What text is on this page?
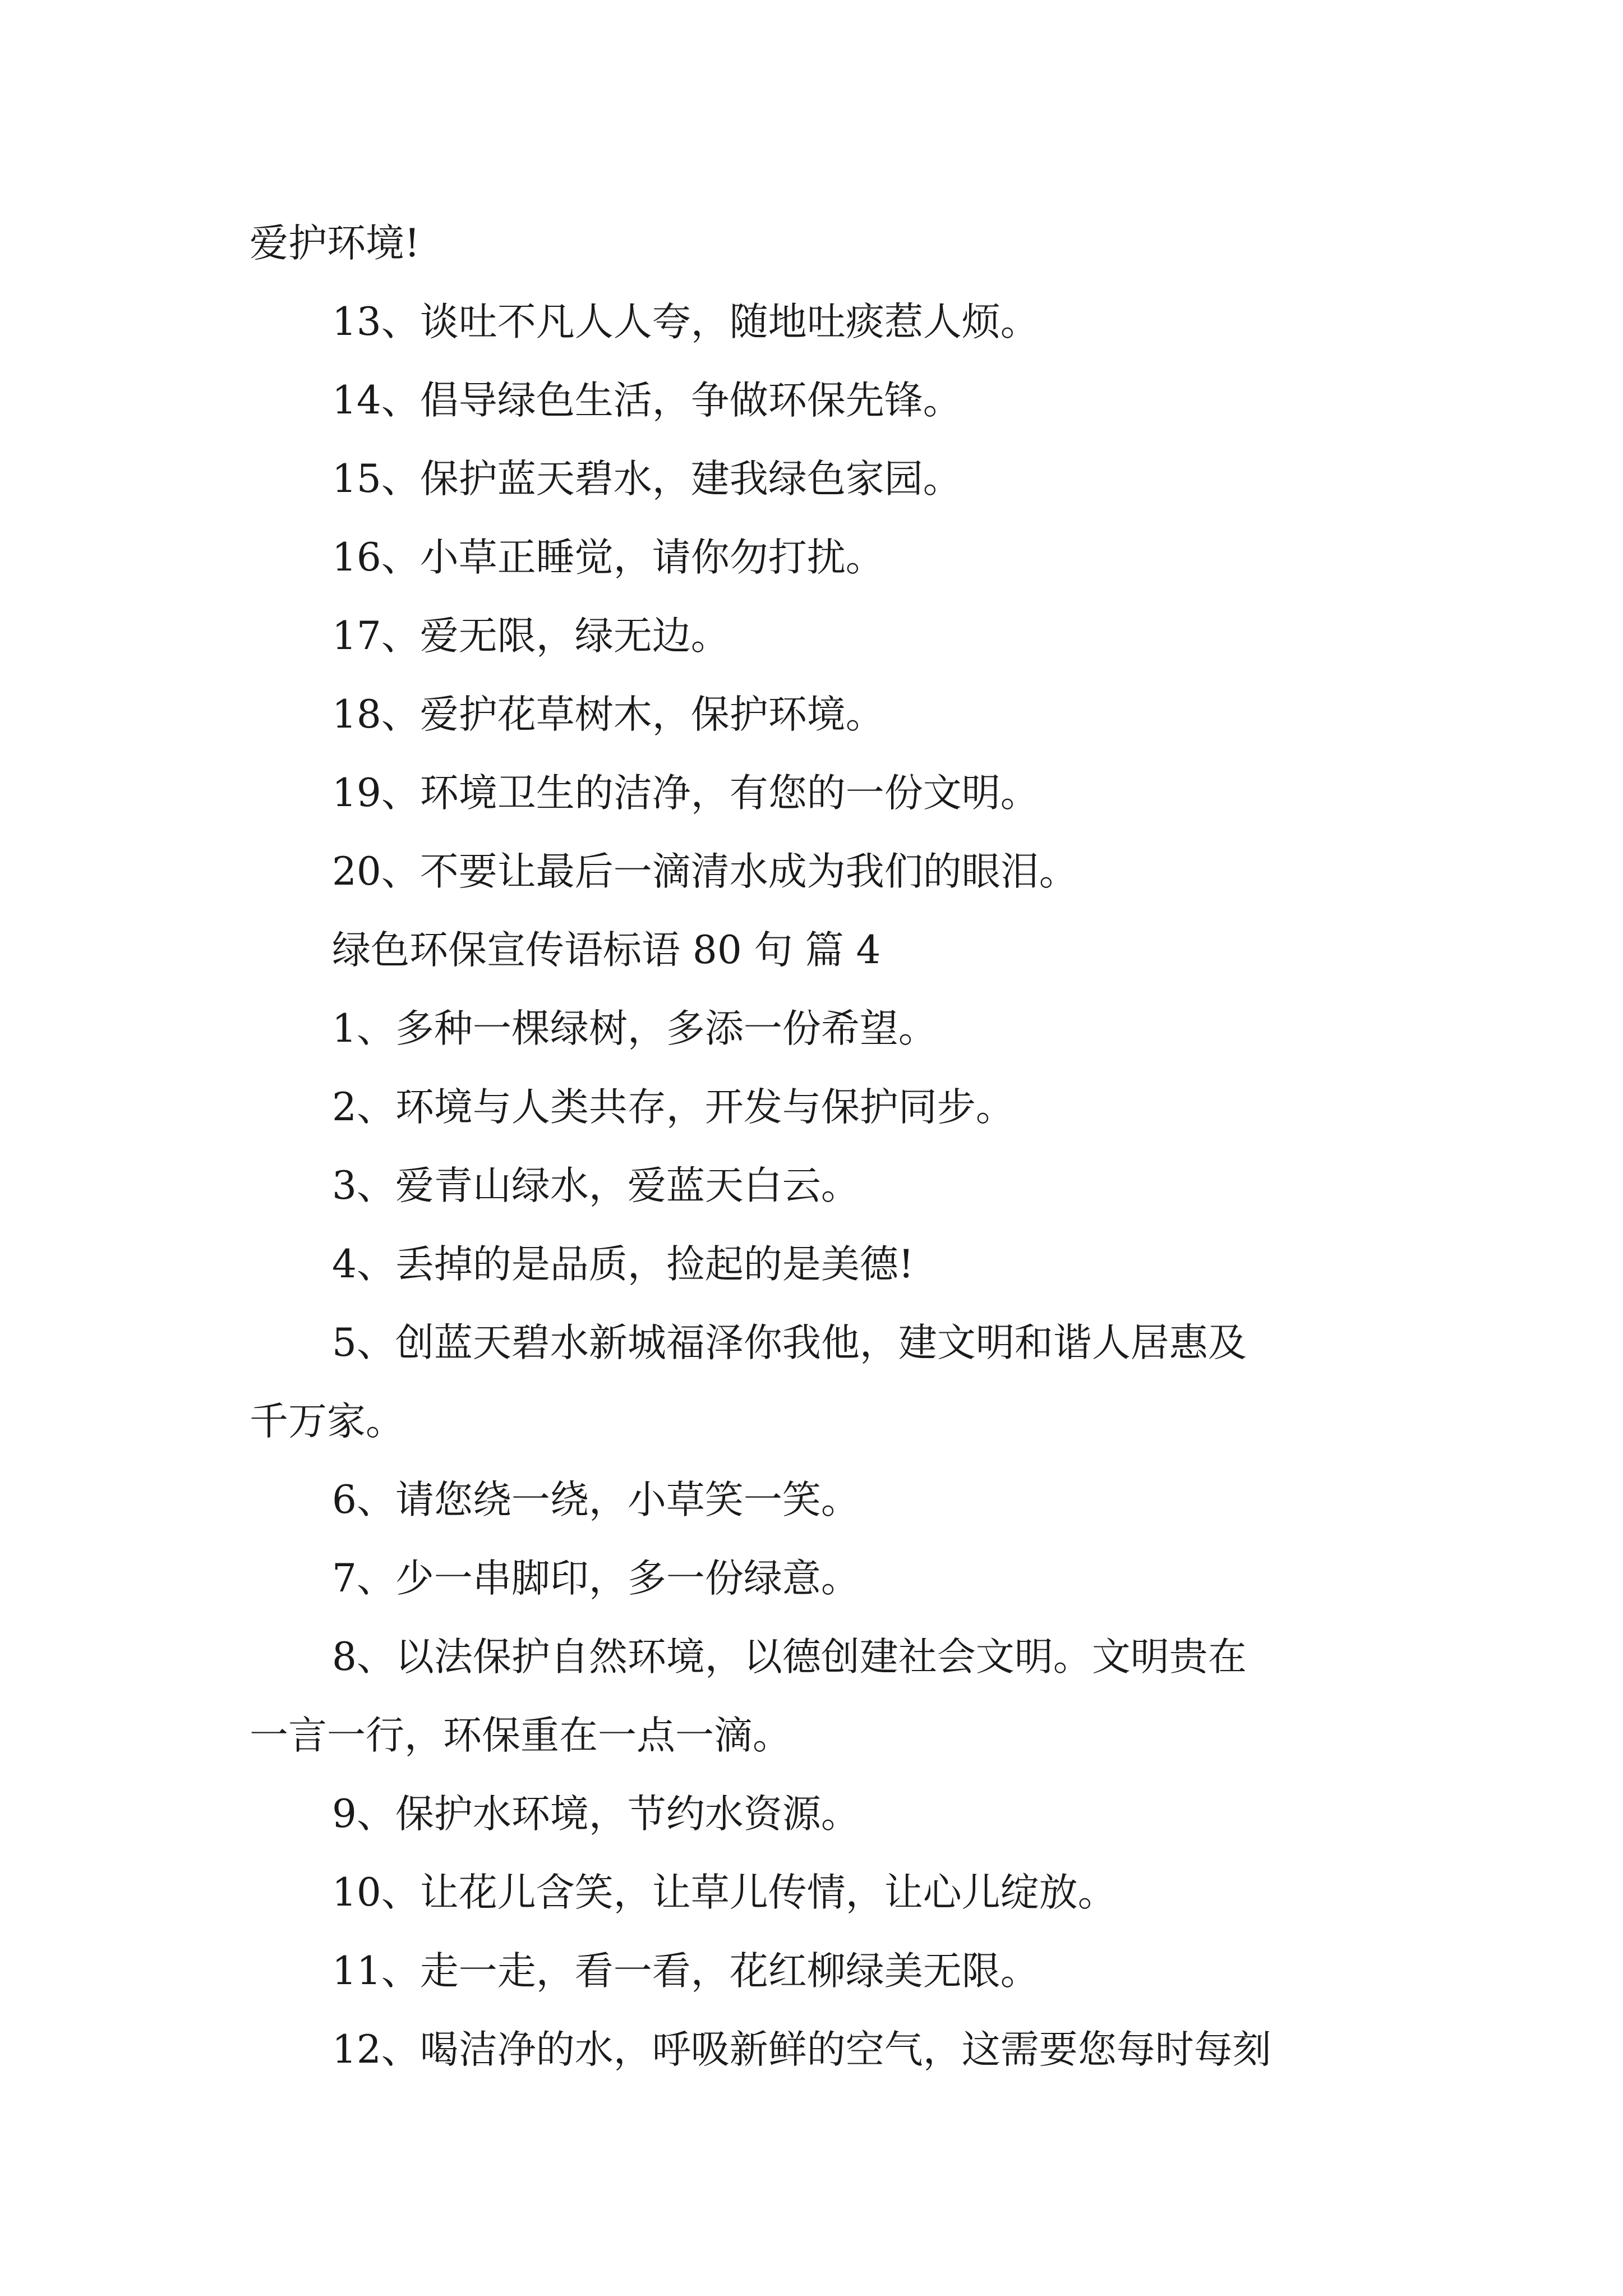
爱护环境!
13、谈吐不凡人人夸，随地吐痰惹人烦。
14、倡导绿色生活，争做环保先锋。
15、保护蓝天碧水，建我绿色家园。
16、小草正睡觉，请你勿打扰。
17、爱无限，绿无边。
18、爱护花草树木，保护环境。
19、环境卫生的洁净，有您的一份文明。
20、不要让最后一滴清水成为我们的眼泪。
绿色环保宣传语标语 80 句 篇 4
1、多种一棵绿树，多添一份希望。
2、环境与人类共存，开发与保护同步。
3、爱青山绿水，爱蓝天白云。
4、丢掉的是品质，捡起的是美德!
5、创蓝天碧水新城福泽你我他，建文明和谐人居惠及
千万家。
6、请您绕一绕，小草笑一笑。
7、少一串脚印，多一份绿意。
8、以法保护自然环境，以德创建社会文明。文明贵在
一言一行，环保重在一点一滴。
9、保护水环境，节约水资源。
10、让花儿含笑，让草儿传情，让心儿绽放。
11、走一走，看一看，花红柳绿美无限。
12、喝洁净的水，呼吸新鲜的空气，这需要您每时每刻
